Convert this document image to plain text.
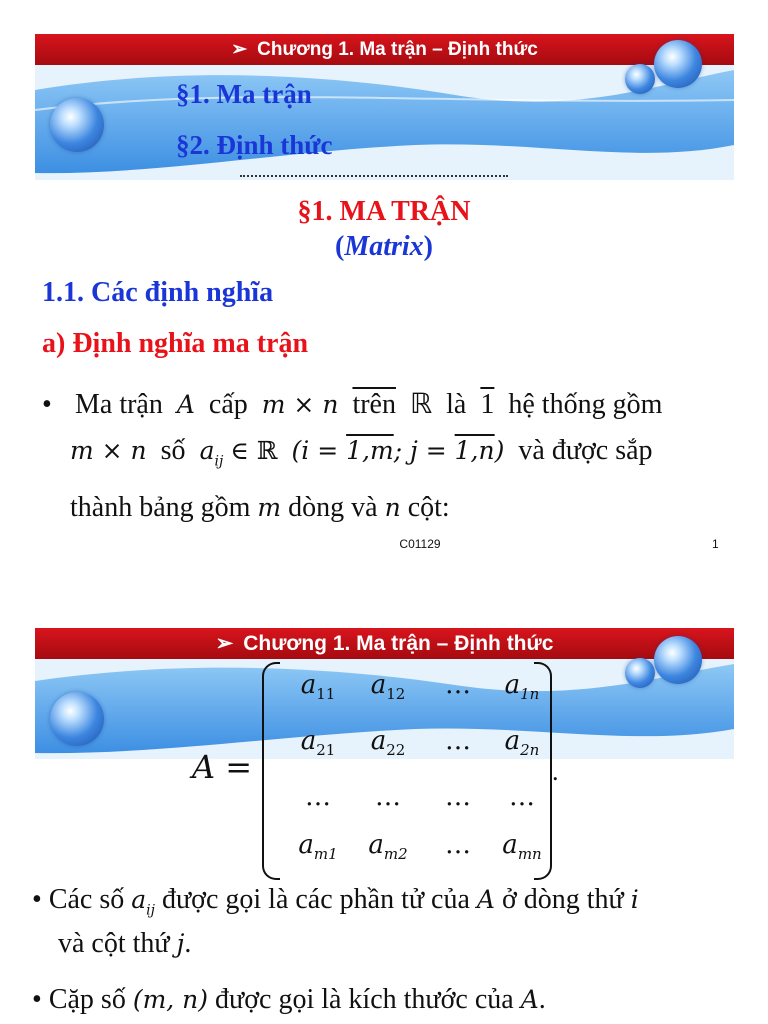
➢ Chương 1. Ma trận – Định thức
§1. Ma trận
§2. Định thức
§1. MA TRẬN
(Matrix)
1.1. Các định nghĩa
a) Định nghĩa ma trận
• Ma trận A cấp m × n trên ℝ là 1 hệ thống gồm
m × n số $a_{ij}$ ∈ ℝ (i = 1,m; j = 1,n) và được sắp
thành bảng gồm m dòng và n cột:
C01129	1
➢ Chương 1. Ma trận – Định thức
A =
$a_{11}$	$a_{12}$	…	$a_{1n}$
$a_{21}$	$a_{22}$	…	$a_{2n}$
…	…	…	…
$a_{m1}$	$a_{m2}$	…	$a_{mn}$
.
• Các số $a_{ij}$ được gọi là các phần tử của A ở dòng thứ i
và cột thứ j.
• Cặp số (m, n) được gọi là kích thước của A.
